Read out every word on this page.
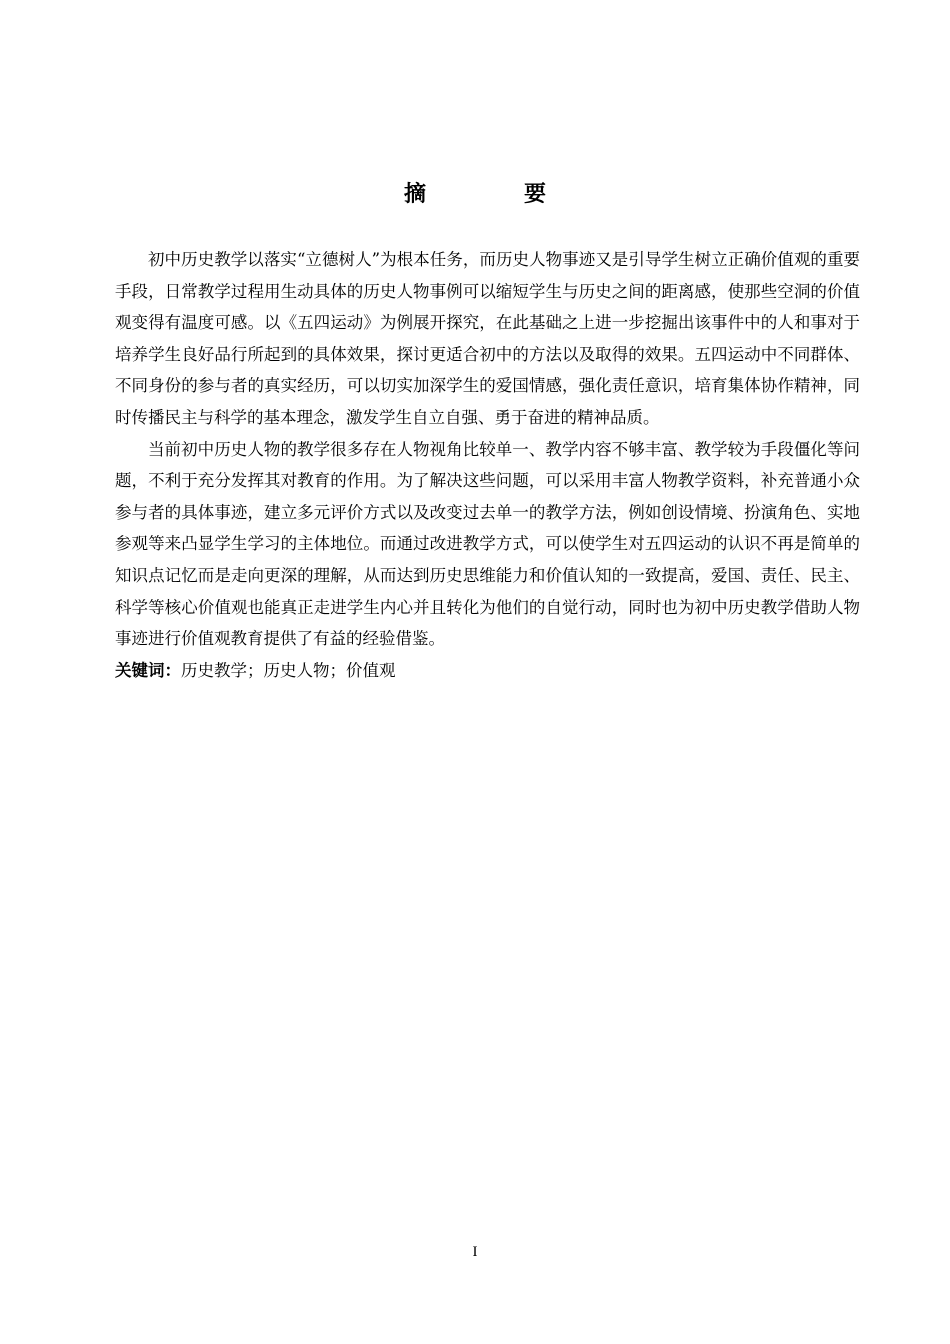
摘　要

初中历史教学以落实“立德树人”为根本任务，而历史人物事迹又是引导学生树立正确价值观的重要手段，日常教学过程用生动具体的历史人物事例可以缩短学生与历史之间的距离感，使那些空洞的价值观变得有温度可感。以《五四运动》为例展开探究，在此基础之上进一步挖掘出该事件中的人和事对于培养学生良好品行所起到的具体效果，探讨更适合初中的方法以及取得的效果。五四运动中不同群体、不同身份的参与者的真实经历，可以切实加深学生的爱国情感，强化责任意识，培育集体协作精神，同时传播民主与科学的基本理念，激发学生自立自强、勇于奋进的精神品质。

当前初中历史人物的教学很多存在人物视角比较单一、教学内容不够丰富、教学较为手段僵化等问题，不利于充分发挥其对教育的作用。为了解决这些问题，可以采用丰富人物教学资料，补充普通小众参与者的具体事迹，建立多元评价方式以及改变过去单一的教学方法，例如创设情境、扮演角色、实地参观等来凸显学生学习的主体地位。而通过改进教学方式，可以使学生对五四运动的认识不再是简单的知识点记忆而是走向更深的理解，从而达到历史思维能力和价值认知的一致提高，爱国、责任、民主、科学等核心价值观也能真正走进学生内心并且转化为他们的自觉行动，同时也为初中历史教学借助人物事迹进行价值观教育提供了有益的经验借鉴。

关键词：历史教学；历史人物；价值观

I
